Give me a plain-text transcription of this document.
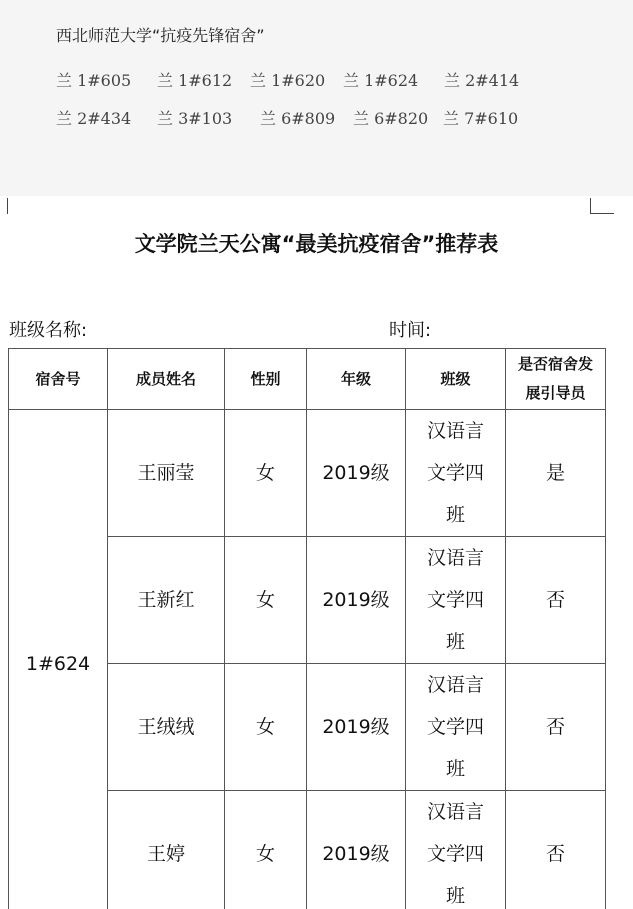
西北师范大学“抗疫先锋宿舍”
兰 1#605 兰 1#612 兰 1#620 兰 1#624 兰 2#414
兰 2#434 兰 3#103 兰 6#809 兰 6#820 兰 7#610
文学院兰天公寓“最美抗疫宿舍”推荐表
班级名称:	时间:
宿舍号	成员姓名	性别	年级	班级	是否宿舍发
展引导员

1#624	王丽莹	女	2019级	汉语言
文学四
班	是
	王新红	女	2019级	汉语言
文学四
班	否
	王绒绒	女	2019级	汉语言
文学四
班	否
	王婷	女	2019级	汉语言
文学四
班	否
